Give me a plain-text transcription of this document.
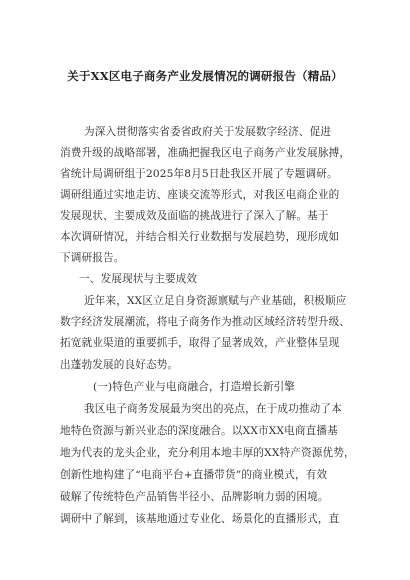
关于XX区电子商务产业发展情况的调研报告（精品）
为深入贯彻落实省委省政府关于发展数字经济、促进
消费升级的战略部署，准确把握我区电子商务产业发展脉搏，
省统计局调研组于2025年8月5日赴我区开展了专题调研。
调研组通过实地走访、座谈交流等形式，对我区电商企业的
发展现状、主要成效及面临的挑战进行了深入了解。基于
本次调研情况，并结合相关行业数据与发展趋势，现形成如
下调研报告。
一、发展现状与主要成效
近年来，XX区立足自身资源禀赋与产业基础，积极顺应
数字经济发展潮流，将电子商务作为推动区域经济转型升级、
拓宽就业渠道的重要抓手，取得了显著成效，产业整体呈现
出蓬勃发展的良好态势。
(一)特色产业与电商融合，打造增长新引擎
我区电子商务发展最为突出的亮点，在于成功推动了本
地特色资源与新兴业态的深度融合。以XX市XX电商直播基
地为代表的龙头企业，充分利用本地丰厚的XX特产资源优势，
创新性地构建了“电商平台+直播带货”的商业模式，有效
破解了传统特色产品销售半径小、品牌影响力弱的困境。
调研中了解到，该基地通过专业化、场景化的直播形式，直
